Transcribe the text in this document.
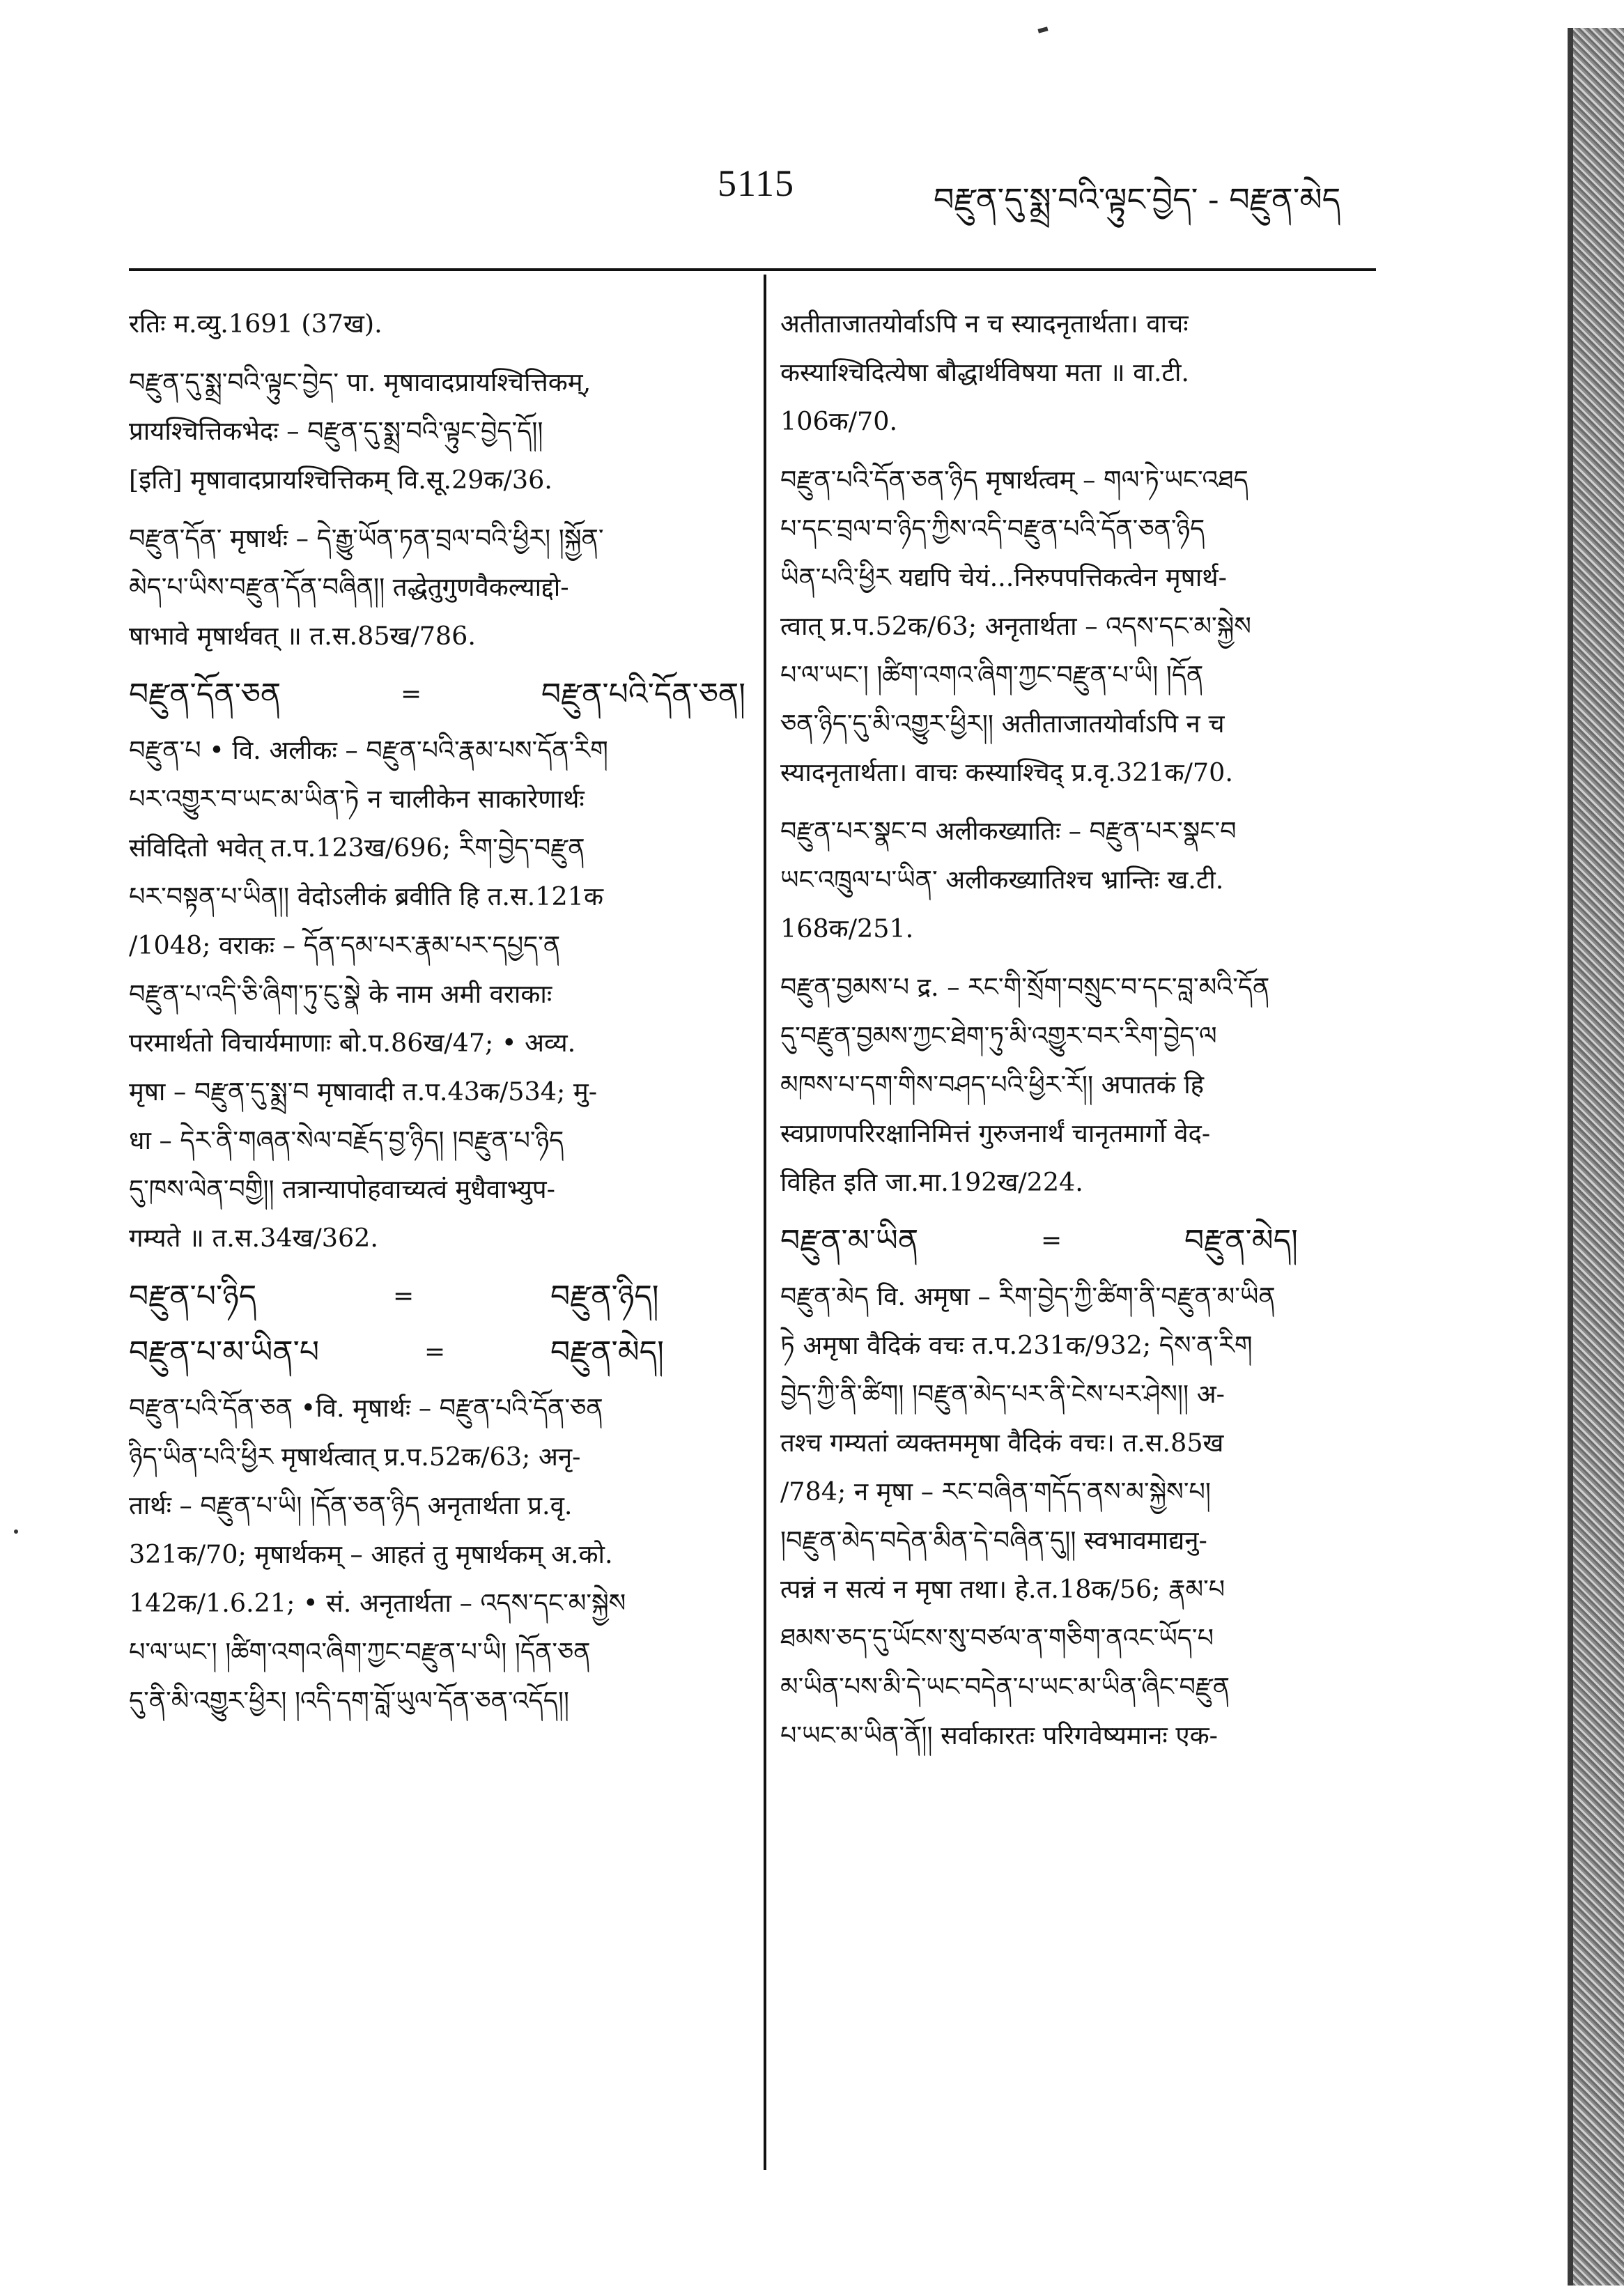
5115	བརྫུན་དུ་སྨྲ་བའི་ལྟུང་བྱེད་ - བརྫུན་མེད
रतिः म.व्यु.1691 (37ख).
བརྫུན་དུ་སྨྲ་བའི་ལྟུང་བྱེད་ पा. मृषावादप्रायश्चित्तिकम्,
प्रायश्चित्तिकभेदः – བརྫུན་དུ་སྨྲ་བའི་ལྟུང་བྱེད་དོ།།
[इति] मृषावादप्रायश्चित्तिकम् वि.सू.29क/36.
བརྫུན་དོན་ मृषार्थः – དེ་རྒྱུ་ཡོན་ཏན་བྲལ་བའི་ཕྱིར། །སྐྱོན་
མེད་པ་ཡིས་བརྫུན་དོན་བཞིན།། तद्धेतुगुणवैकल्याद्दो-
षाभावे मृषार्थवत् ॥ त.स.85ख/786.
བརྫུན་དོན་ཅན	=	བརྫུན་པའི་དོན་ཅན།
བརྫུན་པ • वि. अलीकः – བརྫུན་པའི་རྣམ་པས་དོན་རིག
པར་འགྱུར་བ་ཡང་མ་ཡིན་ཏེ न चालीकेन साकारेणार्थः
संविदितो भवेत् त.प.123ख/696; རིག་བྱེད་བརྫུན
པར་བསྟན་པ་ཡིན།། वेदोऽलीकं ब्रवीति हि त.स.121क
/1048; वराकः – དོན་དམ་པར་རྣམ་པར་དཔྱད་ན
བརྫུན་པ་འདི་ཅི་ཞིག་ཏུ་ངུ་སྣེ के नाम अमी वराकाः
परमार्थतो विचार्यमाणाः बो.प.86ख/47; • अव्य.
मृषा – བརྫུན་དུ་སྨྲ་བ मृषावादी त.प.43क/534; मु-
धा – དེར་ནི་གཞན་སེལ་བརྗོད་བྱ་ཉིད། །བརྫུན་པ་ཉིད
དུ་ཁས་ལེན་བགྱི།། तत्रान्यापोहवाच्यत्वं मुधैवाभ्युप-
गम्यते ॥ त.स.34ख/362.
བརྫུན་པ་ཉིད	=	བརྫུན་ཉིད།
བརྫུན་པ་མ་ཡིན་པ	=	བརྫུན་མེད།
བརྫུན་པའི་དོན་ཅན •वि. मृषार्थः – བརྫུན་པའི་དོན་ཅན
ཉིད་ཡིན་པའི་ཕྱིར मृषार्थत्वात् प्र.प.52क/63; अनृ-
तार्थः – བརྫུན་པ་ཡི། །དོན་ཅན་ཉིད अनृतार्थता प्र.वृ.
321क/70; मृषार्थकम् – आहतं तु मृषार्थकम् अ.को.
142क/1.6.21; • सं. अनृतार्थता – འདས་དང་མ་སྐྱེས
པ་ལ་ཡང་། །ཚིག་འགའ་ཞིག་ཀྱང་བརྫུན་པ་ཡི། །དོན་ཅན
དུ་ནི་མི་འགྱུར་ཕྱིར། །འདི་དག་བློ་ཡུལ་དོན་ཅན་འདོད།།
अतीताजातयोर्वाऽपि न च स्यादनृतार्थता। वाचः
कस्याश्चिदित्येषा बौद्धार्थविषया मता ॥ वा.टी.
106क/70.
བརྫུན་པའི་དོན་ཅན་ཉིད मृषार्थत्वम् – གལ་ཏེ་ཡང་འཐད
པ་དང་བྲལ་བ་ཉིད་ཀྱིས་འདི་བརྫུན་པའི་དོན་ཅན་ཉིད
ཡིན་པའི་ཕྱིར यद्यपि चेयं...निरुपपत्तिकत्वेन मृषार्थ-
त्वात् प्र.प.52क/63; अनृतार्थता – འདས་དང་མ་སྐྱེས
པ་ལ་ཡང་། །ཚིག་འགའ་ཞིག་ཀྱང་བརྫུན་པ་ཡི། །དོན
ཅན་ཉིད་དུ་མི་འགྱུར་ཕྱིར།། अतीताजातयोर्वाऽपि न च
स्यादनृतार्थता। वाचः कस्याश्चिद् प्र.वृ.321क/70.
བརྫུན་པར་སྣང་བ अलीकख्यातिः – བརྫུན་པར་སྣང་བ
ཡང་འཁྲུལ་པ་ཡིན་ अलीकख्यातिश्च भ्रान्तिः ख.टी.
168क/251.
བརྫུན་བྱམས་པ द्र. – རང་གི་སྲོག་བསྲུང་བ་དང་བླ་མའི་དོན
དུ་བརྫུན་བྱམས་ཀྱང་ཐེག་ཏུ་མི་འགྱུར་བར་རིག་བྱེད་ལ
མཁས་པ་དག་གིས་བཤད་པའི་ཕྱིར་རོ།། अपातकं हि
स्वप्राणपरिरक्षानिमित्तं गुरुजनार्थं चानृतमार्गो वेद-
विहित इति जा.मा.192ख/224.
བརྫུན་མ་ཡིན	=	བརྫུན་མེད།
བརྫུན་མེད वि. अमृषा – རིག་བྱེད་ཀྱི་ཚིག་ནི་བརྫུན་མ་ཡིན
ཏེ अमृषा वैदिकं वचः त.प.231क/932; དེས་ན་རིག
བྱེད་ཀྱི་ནི་ཚིག། །བརྫུན་མེད་པར་ནི་ངེས་པར་ཤེས།། अ-
तश्च गम्यतां व्यक्तममृषा वैदिकं वचः। त.स.85ख
/784; न मृषा – རང་བཞིན་གདོད་ནས་མ་སྐྱེས་པ།
།བརྫུན་མེད་བདེན་མིན་དེ་བཞིན་དུ།། स्वभावमाद्यनु-
त्पन्नं न सत्यं न मृषा तथा। हे.त.18क/56; རྣམ་པ
ཐམས་ཅད་དུ་ཡོངས་སུ་བཙལ་ན་གཅིག་ནའང་ཡོད་པ
མ་ཡིན་པས་མི་དེ་ཡང་བདེན་པ་ཡང་མ་ཡིན་ཞིང་བརྫུན
པ་ཡང་མ་ཡིན་ནོ།། सर्वाकारतः परिगवेष्यमानः एक-
